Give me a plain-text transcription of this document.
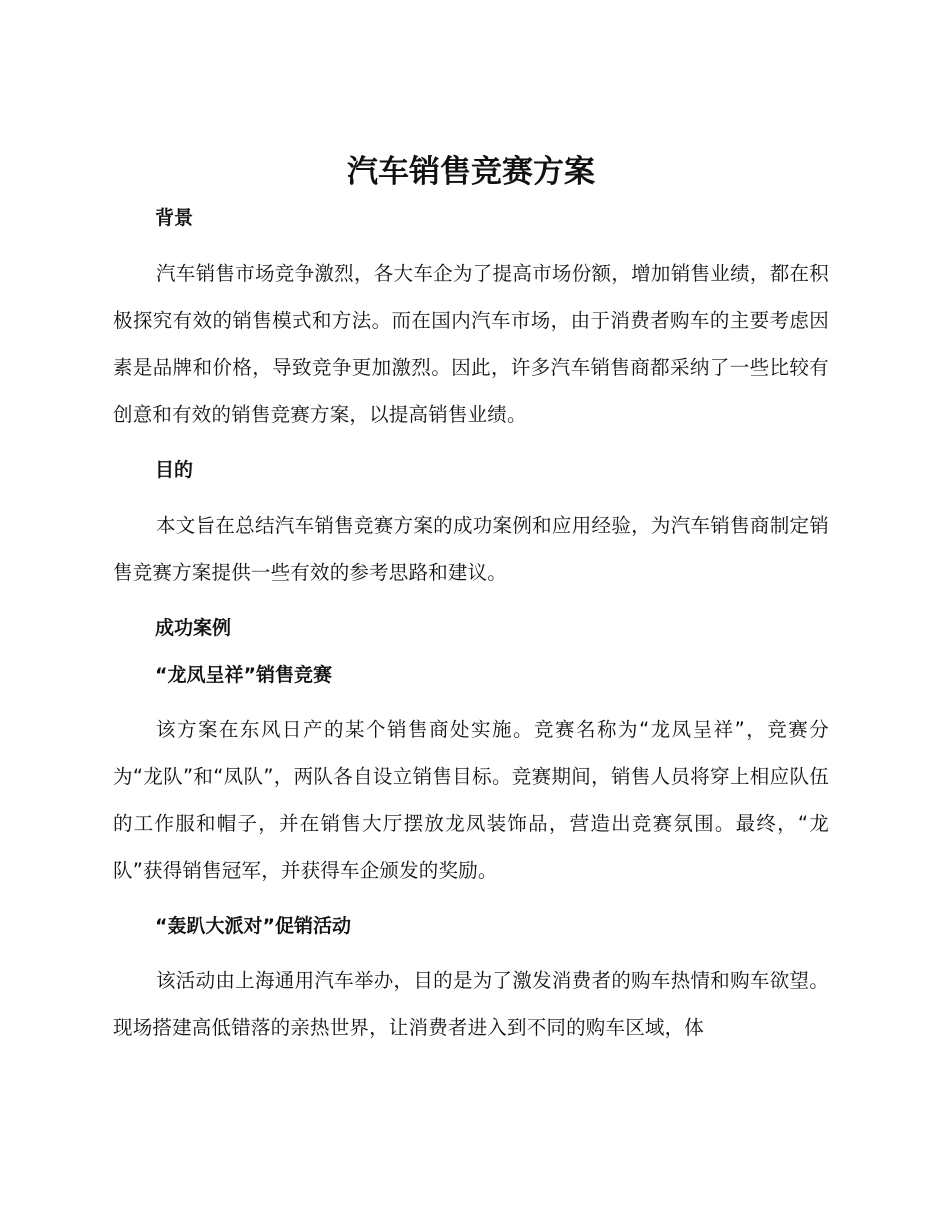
汽车销售竞赛方案
背景

汽车销售市场竞争激烈，各大车企为了提高市场份额，增加销售业绩，都在积极探究有效的销售模式和方法。而在国内汽车市场，由于消费者购车的主要考虑因素是品牌和价格，导致竞争更加激烈。因此，许多汽车销售商都采纳了一些比较有创意和有效的销售竞赛方案，以提高销售业绩。

目的

本文旨在总结汽车销售竞赛方案的成功案例和应用经验，为汽车销售商制定销售竞赛方案提供一些有效的参考思路和建议。

成功案例
“龙凤呈祥”销售竞赛

该方案在东风日产的某个销售商处实施。竞赛名称为“龙凤呈祥”，竞赛分为“龙队”和“凤队”，两队各自设立销售目标。竞赛期间，销售人员将穿上相应队伍的工作服和帽子，并在销售大厅摆放龙凤装饰品，营造出竞赛氛围。最终，“龙队”获得销售冠军，并获得车企颁发的奖励。

“轰趴大派对”促销活动

该活动由上海通用汽车举办，目的是为了激发消费者的购车热情和购车欲望。现场搭建高低错落的亲热世界，让消费者进入到不同的购车区域，体
